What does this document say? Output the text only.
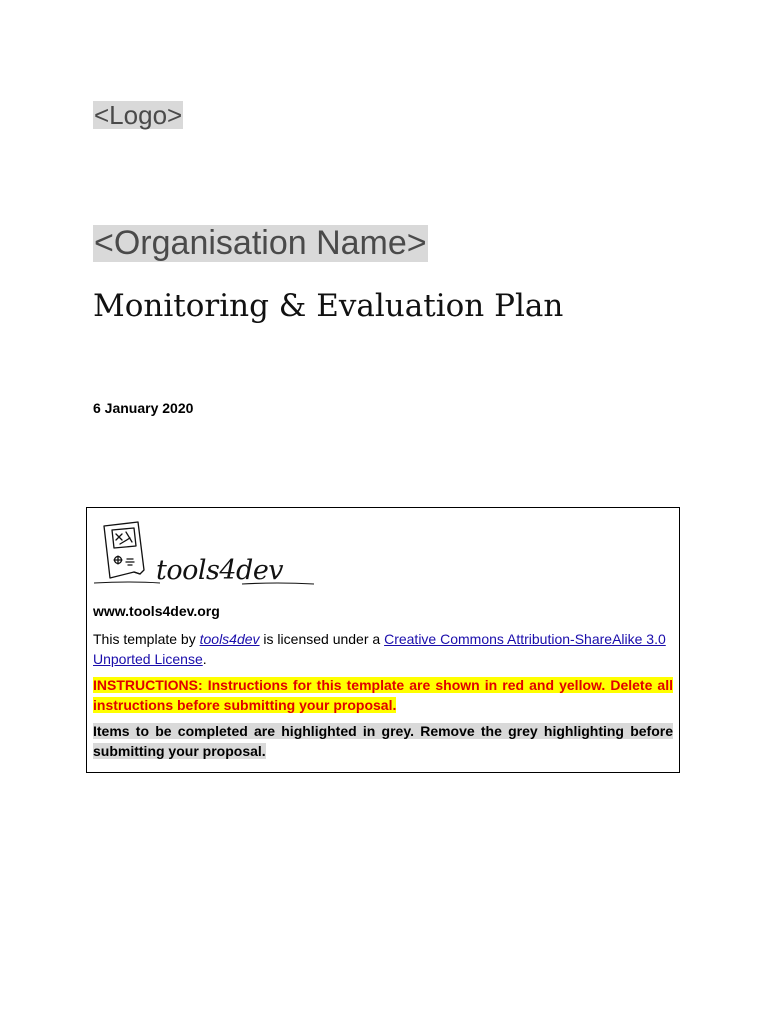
<Logo>
<Organisation Name>
Monitoring & Evaluation Plan
6 January 2020
tools4dev

www.tools4dev.org

This template by tools4dev is licensed under a Creative Commons Attribution-ShareAlike 3.0 Unported License.

INSTRUCTIONS: Instructions for this template are shown in red and yellow. Delete all instructions before submitting your proposal.

Items to be completed are highlighted in grey. Remove the grey highlighting before submitting your proposal.
